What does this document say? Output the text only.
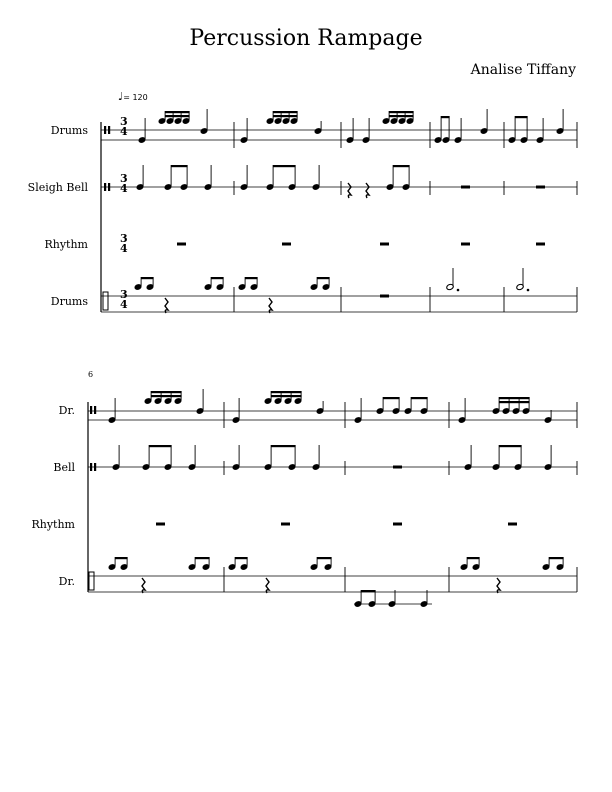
Percussion Rampage
Analise Tiffany
♩= 120
Drums
Sleigh Bell
Rhythm
Drums
6
Dr.
Bell
Rhythm
Dr.
3
4
3
4
3
4
3
4
